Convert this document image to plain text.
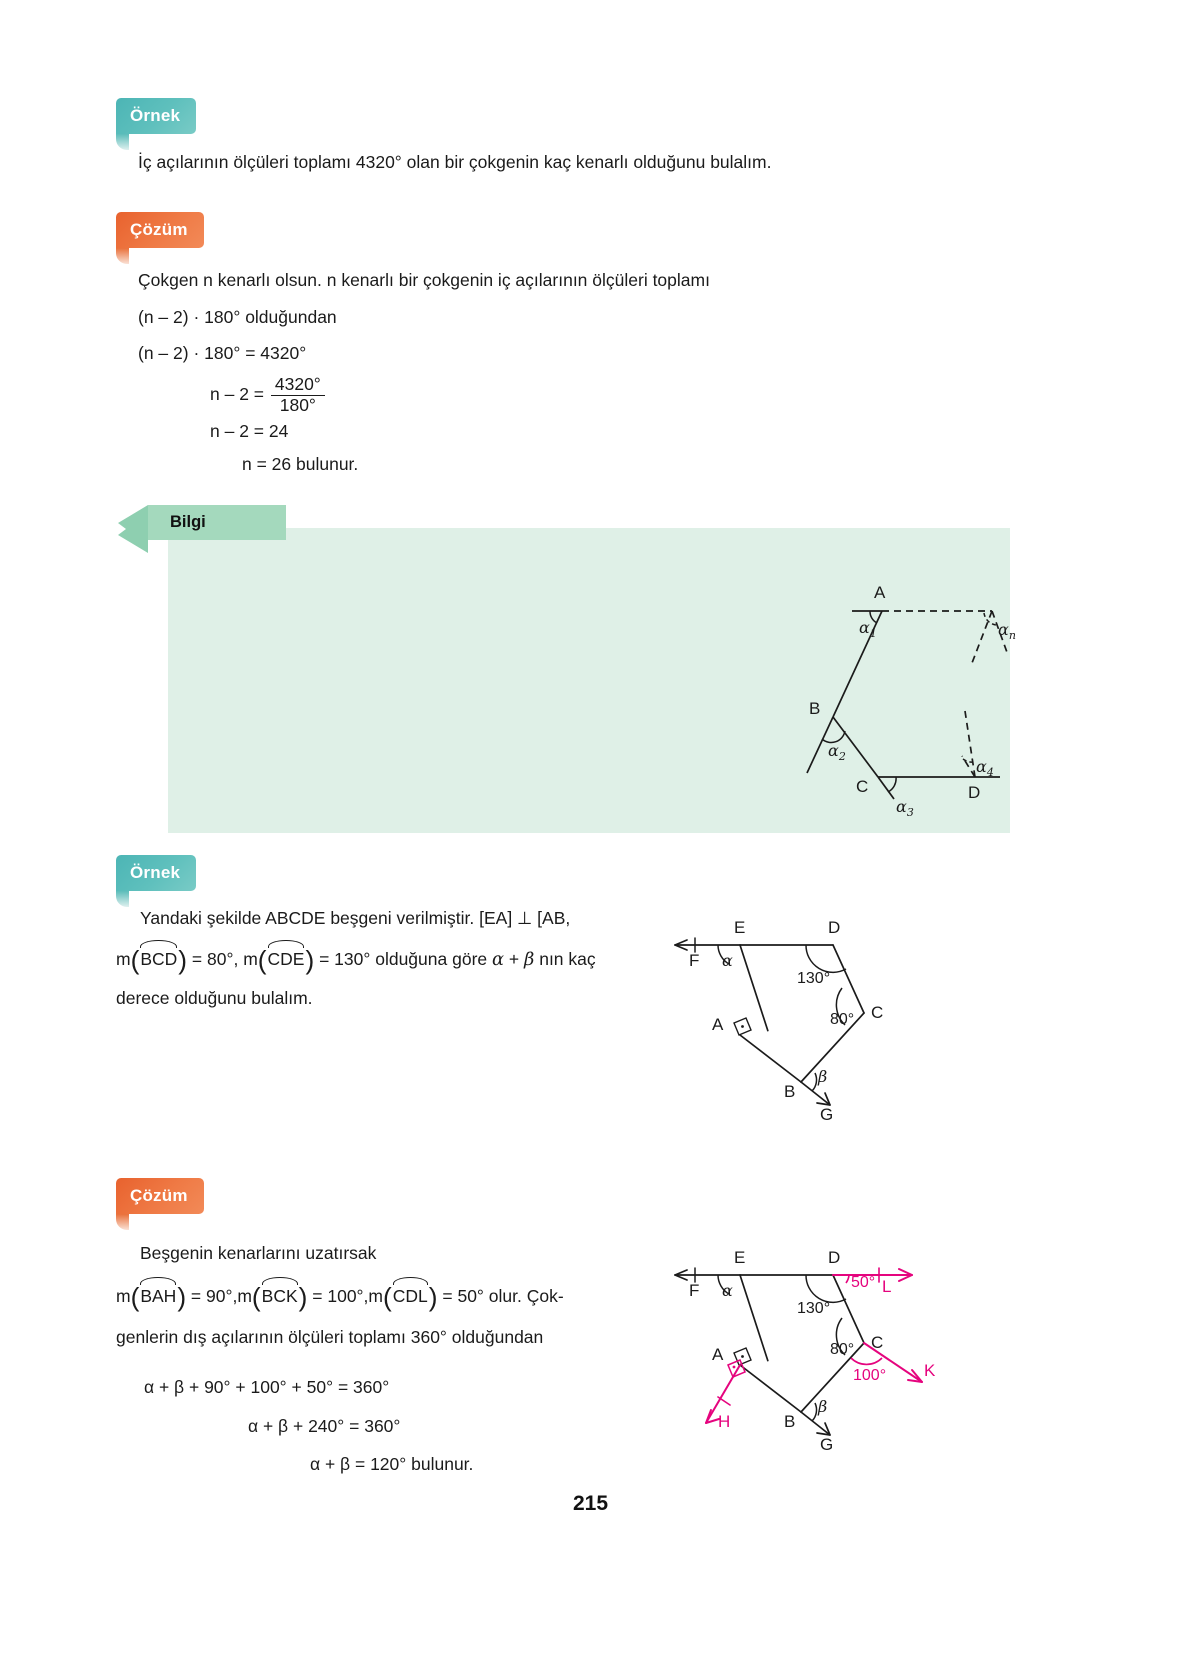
Örnek
İç açılarının ölçüleri toplamı 4320° olan bir çokgenin kaç kenarlı olduğunu bulalım.
Çözüm
Çokgen n kenarlı olsun. n kenarlı bir çokgenin iç açılarının ölçüleri toplamı
(n – 2) · 180° olduğundan
(n – 2) · 180° = 4320°
$n - 2 = \frac{4320^\circ}{180^\circ}$
n – 2 = 24
n = 26 bulunur.
Bilgi
A
B
C	D
$\alpha_1$
$\alpha_2$
$\alpha_3$
$\alpha_4$
$\alpha_n$
Örnek
Yandaki şekilde ABCDE beşgeni verilmiştir. [EA] ⊥ [AB,
m(
BCD) = 80°, m(
CDE) = 130° olduğuna göre α + β nın kaç
derece olduğunu bulalım.
F
E	D
C
B
A
G
130°
80°
α
β
Çözüm
Beşgenin kenarlarını uzatırsak
m(
BAH) = 90°,m(
BCK) = 100°,m(
CDL) = 50° olur. Çok-
genlerin dış açılarının ölçüleri toplamı 360° olduğundan
α + β + 90° + 100° + 50° = 360°
α + β + 240° = 360°
α + β = 120° bulunur.
F
E	D
C
B
A
G
130°
80°
50° L
100° K
H
α
β
215
